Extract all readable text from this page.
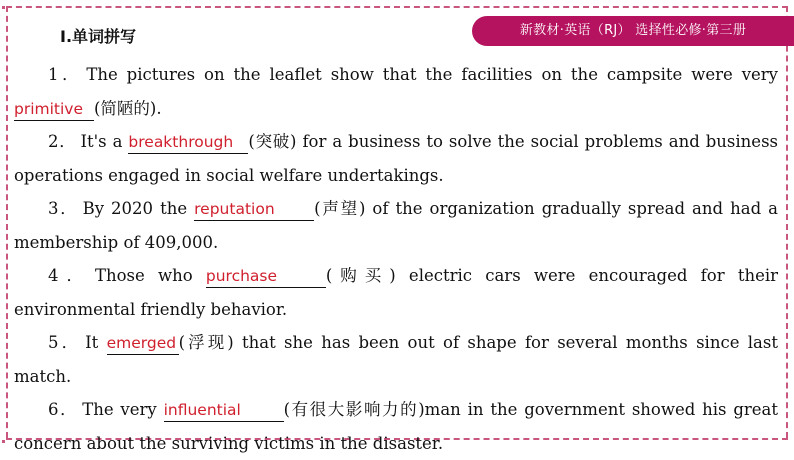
新教材·英语（RJ） 选择性必修·第三册
Ⅰ.单词拼写
1． The pictures on the leaflet show that the facilities on the campsite were very primitive (简陋的).
2． It's a breakthrough (突破) for a business to solve the social problems and business operations engaged in social welfare undertakings.
3． By 2020 the reputation (声望) of the organization gradually spread and had a membership of 409,000.
4． Those who purchase	(购买) electric cars were encouraged for their environmental friendly behavior.
5． It emerged (浮现) that she has been out of shape for several months since last match.
6． The very influential	(有很大影响力的)man in the government showed his great concern about the surviving victims in the disaster.
